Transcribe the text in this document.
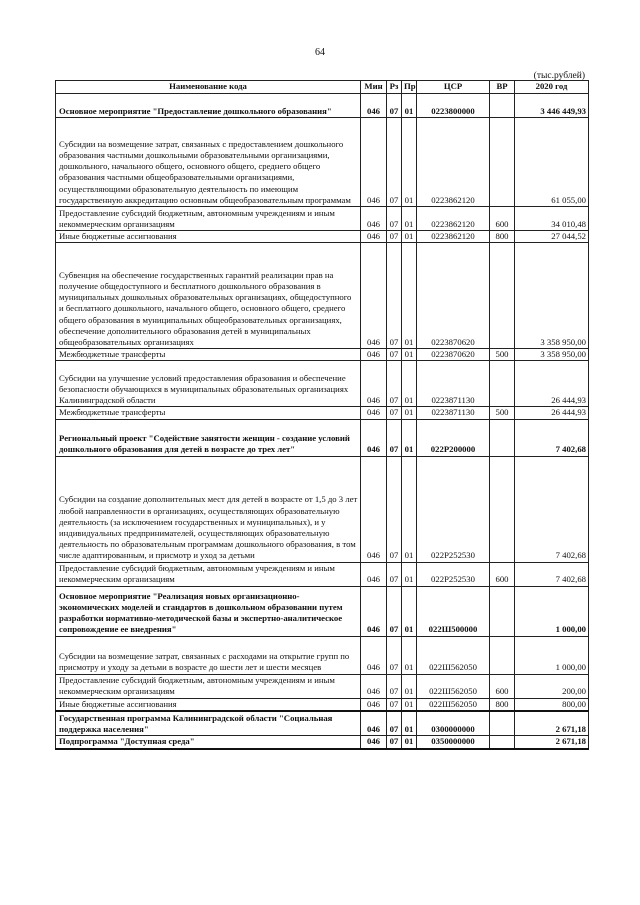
64
(тыс.рублей)
Наименование кода	Мин	Рз	Пр	ЦСР	ВР	2020 год
Основное мероприятие "Предоставление дошкольного образования"	046	07	01	0223800000		3 446 449,93
Субсидии на возмещение затрат, связанных с предоставлением дошкольного образования частными дошкольными образовательными организациями, дошкольного, начального общего, основного общего, среднего общего образования частными общеобразовательными организациями, осуществляющими образовательную деятельность по имеющим государственную аккредитацию основным общеобразовательным программам	046	07	01	0223862120		61 055,00
Предоставление субсидий бюджетным, автономным учреждениям и иным некоммерческим организациям	046	07	01	0223862120	600	34 010,48
Иные бюджетные ассигнования	046	07	01	0223862120	800	27 044,52
Субвенция на обеспечение государственных гарантий реализации прав на получение общедоступного и бесплатного дошкольного образования в муниципальных дошкольных образовательных организациях, общедоступного и бесплатного дошкольного, начального общего, основного общего, среднего общего образования в муниципальных общеобразовательных организациях, обеспечение дополнительного образования детей в муниципальных общеобразовательных организациях	046	07	01	0223870620		3 358 950,00
Межбюджетные трансферты	046	07	01	0223870620	500	3 358 950,00
Субсидии на улучшение условий предоставления образования и обеспечение безопасности обучающихся в муниципальных образовательных организациях Калининградской области	046	07	01	0223871130		26 444,93
Межбюджетные трансферты	046	07	01	0223871130	500	26 444,93
Региональный проект "Содействие занятости женщин - создание условий дошкольного образования для детей в возрасте до трех лет"	046	07	01	022P200000		7 402,68
Субсидии на создание дополнительных мест для детей в возрасте от 1,5 до 3 лет любой направленности в организациях, осуществляющих образовательную деятельность (за исключением государственных и муниципальных), и у индивидуальных предпринимателей, осуществляющих образовательную деятельность по образовательным программам дошкольного образования, в том числе адаптированным, и присмотр и уход за детьми	046	07	01	022P252530		7 402,68
Предоставление субсидий бюджетным, автономным учреждениям и иным некоммерческим организациям	046	07	01	022P252530	600	7 402,68
Основное мероприятие "Реализация новых организационно-экономических моделей и стандартов в дошкольном образовании путем разработки нормативно-методической базы и экспертно-аналитическое сопровождение ее внедрения"	046	07	01	022Ш500000		1 000,00
Субсидии на возмещение затрат, связанных с расходами на открытие групп по присмотру и уходу за детьми в возрасте до шести лет и шести месяцев	046	07	01	022Ш562050		1 000,00
Предоставление субсидий бюджетным, автономным учреждениям и иным некоммерческим организациям	046	07	01	022Ш562050	600	200,00
Иные бюджетные ассигнования	046	07	01	022Ш562050	800	800,00
Государственная программа Калининградской области "Социальная поддержка населения"	046	07	01	0300000000		2 671,18
Подпрограмма "Доступная среда"	046	07	01	0350000000		2 671,18
